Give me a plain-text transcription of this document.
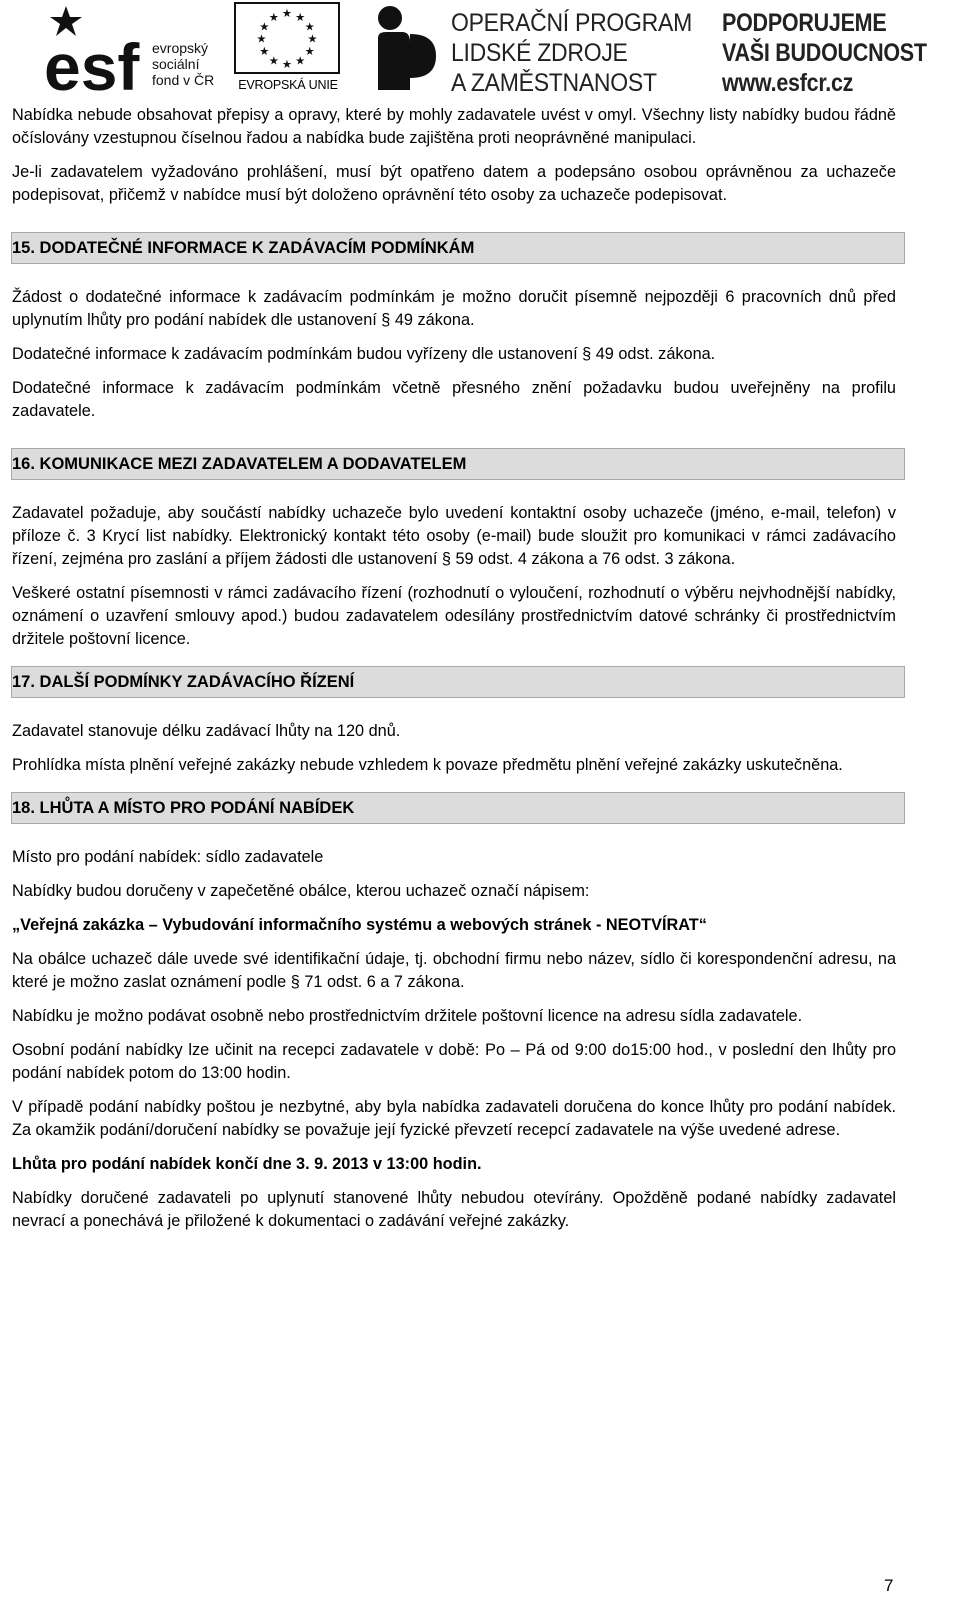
esf evropský
sociální
fond v ČR
★ ★
★
★
★
★
★
★
★
★
★
★
EVROPSKÁ UNIE
OPERAČNÍ PROGRAM
LIDSKÉ ZDROJE
A ZAMĚSTNANOST
PODPORUJEME
VAŠI BUDOUCNOST
www.esfcr.cz

Nabídka nebude obsahovat přepisy a opravy, které by mohly zadavatele uvést v omyl. Všechny listy nabídky budou řádně očíslovány vzestupnou číselnou řadou a nabídka bude zajištěna proti neoprávněné manipulaci.

Je-li zadavatelem vyžadováno prohlášení, musí být opatřeno datem a podepsáno osobou oprávněnou za uchazeče podepisovat, přičemž v nabídce musí být doloženo oprávnění této osoby za uchazeče podepisovat.

15. DODATEČNÉ INFORMACE K ZADÁVACÍM PODMÍNKÁM

Žádost o dodatečné informace k zadávacím podmínkám je možno doručit písemně nejpozději 6 pracovních dnů před uplynutím lhůty pro podání nabídek dle ustanovení § 49 zákona.

Dodatečné informace k zadávacím podmínkám budou vyřízeny dle ustanovení § 49 odst. zákona.

Dodatečné informace k zadávacím podmínkám včetně přesného znění požadavku budou uveřejněny na profilu zadavatele.

16. KOMUNIKACE MEZI ZADAVATELEM A DODAVATELEM

Zadavatel požaduje, aby součástí nabídky uchazeče bylo uvedení kontaktní osoby uchazeče (jméno, e-mail, telefon) v příloze č. 3 Krycí list nabídky. Elektronický kontakt této osoby (e-mail) bude sloužit pro komunikaci v rámci zadávacího řízení, zejména pro zaslání a příjem žádosti dle ustanovení § 59 odst. 4 zákona a 76 odst. 3 zákona.

Veškeré ostatní písemnosti v rámci zadávacího řízení (rozhodnutí o vyloučení, rozhodnutí o výběru nejvhodnější nabídky, oznámení o uzavření smlouvy apod.) budou zadavatelem odesílány prostřednictvím datové schránky či prostřednictvím držitele poštovní licence.

17. DALŠÍ PODMÍNKY ZADÁVACÍHO ŘÍZENÍ

Zadavatel stanovuje délku zadávací lhůty na 120 dnů.

Prohlídka místa plnění veřejné zakázky nebude vzhledem k povaze předmětu plnění veřejné zakázky uskutečněna.

18. LHŮTA A MÍSTO PRO PODÁNÍ NABÍDEK

Místo pro podání nabídek: sídlo zadavatele

Nabídky budou doručeny v zapečetěné obálce, kterou uchazeč označí nápisem:

„Veřejná zakázka – Vybudování informačního systému a webových stránek - NEOTVÍRAT“

Na obálce uchazeč dále uvede své identifikační údaje, tj. obchodní firmu nebo název, sídlo či korespondenční adresu, na které je možno zaslat oznámení podle § 71 odst. 6 a 7 zákona.

Nabídku je možno podávat osobně nebo prostřednictvím držitele poštovní licence na adresu sídla zadavatele.

Osobní podání nabídky lze učinit na recepci zadavatele v době: Po – Pá od 9:00 do15:00 hod., v poslední den lhůty pro podání nabídek potom do 13:00 hodin.

V případě podání nabídky poštou je nezbytné, aby byla nabídka zadavateli doručena do konce lhůty pro podání nabídek. Za okamžik podání/doručení nabídky se považuje její fyzické převzetí recepcí zadavatele na výše uvedené adrese.

Lhůta pro podání nabídek končí dne 3. 9. 2013 v 13:00 hodin.

Nabídky doručené zadavateli po uplynutí stanovené lhůty nebudou otevírány. Opožděně podané nabídky zadavatel nevrací a ponechává je přiložené k dokumentaci o zadávání veřejné zakázky.

7
